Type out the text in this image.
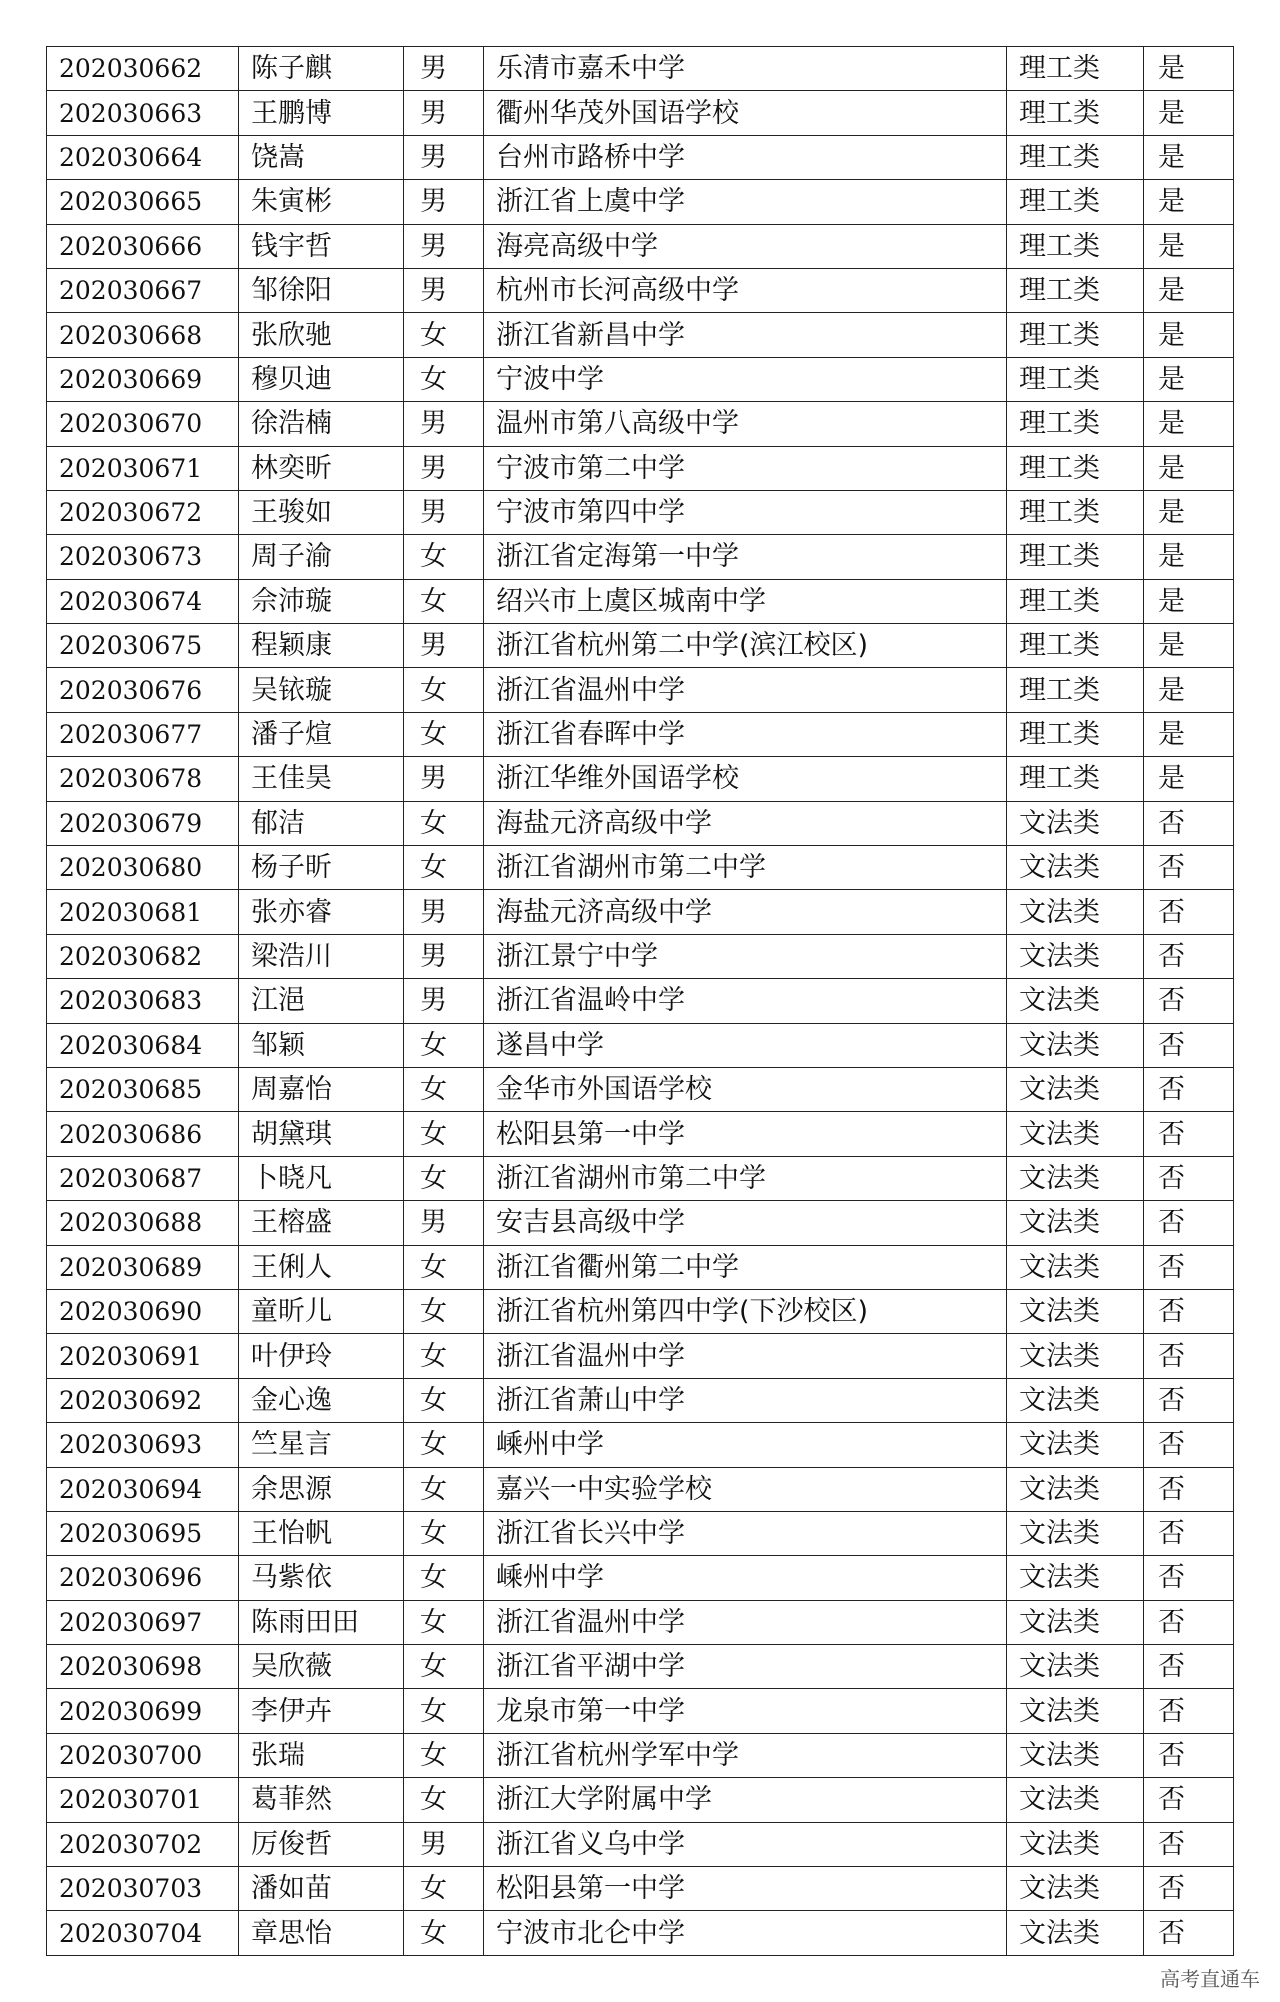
202030662	陈子麒	男	乐清市嘉禾中学	理工类	是
202030663	王鹏博	男	衢州华茂外国语学校	理工类	是
202030664	饶嵩	男	台州市路桥中学	理工类	是
202030665	朱寅彬	男	浙江省上虞中学	理工类	是
202030666	钱宇哲	男	海亮高级中学	理工类	是
202030667	邹徐阳	男	杭州市长河高级中学	理工类	是
202030668	张欣驰	女	浙江省新昌中学	理工类	是
202030669	穆贝迪	女	宁波中学	理工类	是
202030670	徐浩楠	男	温州市第八高级中学	理工类	是
202030671	林奕昕	男	宁波市第二中学	理工类	是
202030672	王骏如	男	宁波市第四中学	理工类	是
202030673	周子渝	女	浙江省定海第一中学	理工类	是
202030674	佘沛璇	女	绍兴市上虞区城南中学	理工类	是
202030675	程颖康	男	浙江省杭州第二中学(滨江校区)	理工类	是
202030676	吴铱璇	女	浙江省温州中学	理工类	是
202030677	潘子煊	女	浙江省春晖中学	理工类	是
202030678	王佳昊	男	浙江华维外国语学校	理工类	是
202030679	郁洁	女	海盐元济高级中学	文法类	否
202030680	杨子昕	女	浙江省湖州市第二中学	文法类	否
202030681	张亦睿	男	海盐元济高级中学	文法类	否
202030682	梁浩川	男	浙江景宁中学	文法类	否
202030683	江浥	男	浙江省温岭中学	文法类	否
202030684	邹颖	女	遂昌中学	文法类	否
202030685	周嘉怡	女	金华市外国语学校	文法类	否
202030686	胡黛琪	女	松阳县第一中学	文法类	否
202030687	卜晓凡	女	浙江省湖州市第二中学	文法类	否
202030688	王榕盛	男	安吉县高级中学	文法类	否
202030689	王俐人	女	浙江省衢州第二中学	文法类	否
202030690	童昕儿	女	浙江省杭州第四中学(下沙校区)	文法类	否
202030691	叶伊玲	女	浙江省温州中学	文法类	否
202030692	金心逸	女	浙江省萧山中学	文法类	否
202030693	竺星言	女	嵊州中学	文法类	否
202030694	余思源	女	嘉兴一中实验学校	文法类	否
202030695	王怡帆	女	浙江省长兴中学	文法类	否
202030696	马紫依	女	嵊州中学	文法类	否
202030697	陈雨田田	女	浙江省温州中学	文法类	否
202030698	吴欣薇	女	浙江省平湖中学	文法类	否
202030699	李伊卉	女	龙泉市第一中学	文法类	否
202030700	张瑞	女	浙江省杭州学军中学	文法类	否
202030701	葛菲然	女	浙江大学附属中学	文法类	否
202030702	厉俊哲	男	浙江省义乌中学	文法类	否
202030703	潘如苗	女	松阳县第一中学	文法类	否
202030704	章思怡	女	宁波市北仑中学	文法类	否
高考直通车
